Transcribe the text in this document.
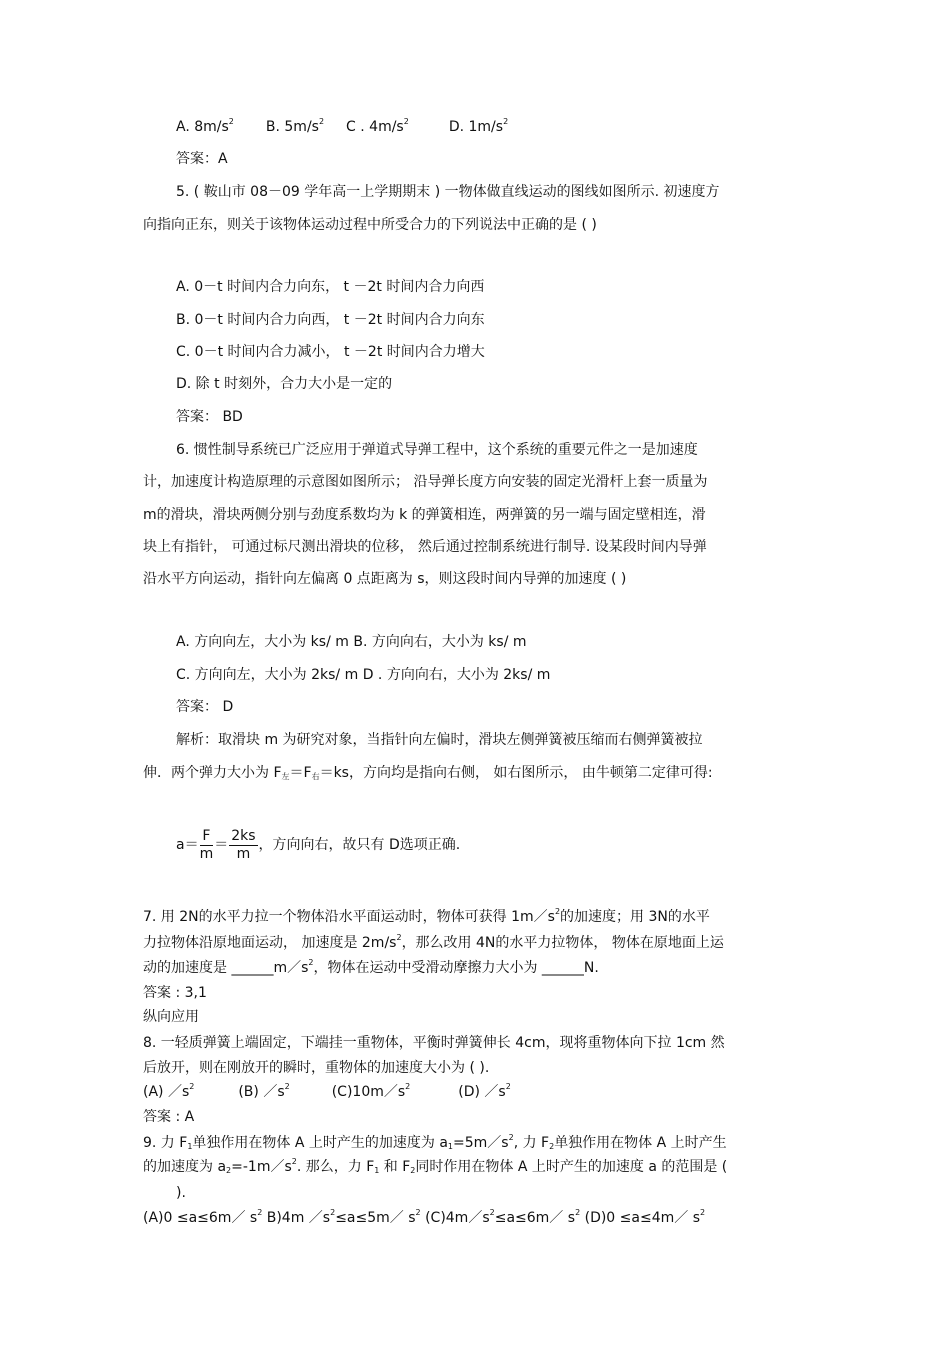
A. $8m/s^2$ B. $5m/s^2$ C . $4m/s^2$	D. $1m/s^2$
答案：A
5. ( 鞍山市 08－09 学年高一上学期期末 ) 一物体做直线运动的图线如图所示. 初速度方
向指向正东，则关于该物体运动过程中所受合力的下列说法中正确的是 ( )
A. 0－t 时间内合力向东， t －2t 时间内合力向西
B. 0－t 时间内合力向西， t －2t 时间内合力向东
C. 0－t 时间内合力减小， t －2t 时间内合力增大
D. 除 t 时刻外，合力大小是一定的
答案： BD
6. 惯性制导系统已广泛应用于弹道式导弹工程中，这个系统的重要元件之一是加速度
计，加速度计构造原理的示意图如图所示； 沿导弹长度方向安装的固定光滑杆上套一质量为
m的滑块，滑块两侧分别与劲度系数均为 k 的弹簧相连，两弹簧的另一端与固定壁相连，滑
块上有指针， 可通过标尺测出滑块的位移， 然后通过控制系统进行制导. 设某段时间内导弹
沿水平方向运动，指针向左偏离 0 点距离为 s，则这段时间内导弹的加速度 ( )
A. 方向向左，大小为 ks/ m B. 方向向右，大小为 ks/ m
C. 方向向左，大小为 2ks/ m D . 方向向右，大小为 2ks/ m
答案： D
解析：取滑块 m 为研究对象，当指针向左偏时，滑块左侧弹簧被压缩而右侧弹簧被拉
伸．两个弹力大小为 $F_左=F_右=ks$，方向均是指向右侧， 如右图所示， 由牛顿第二定律可得:
$a= \frac{F}{m} = \frac{2ks}{m}$ ，方向向右，故只有 D选项正确.
7. 用 2N的水平力拉一个物体沿水平面运动时，物体可获得 $1m/s^2$的加速度；用 3N的水平
力拉物体沿原地面运动， 加速度是 $2m/s^2$，那么改用 4N的水平力拉物体， 物体在原地面上运
动的加速度是 $\_\_\_\_\_\_m/s^2$，物体在运动中受滑动摩擦力大小为 ______N.
答案 : 3,1
纵向应用
8. 一轻质弹簧上端固定，下端挂一重物体，平衡时弹簧伸长 4cm，现将重物体向下拉 1cm 然
后放开，则在刚放开的瞬时，重物体的加速度大小为 ( ).
(A) $/s^2$	(B) $/s^2$	$(C)10m/s^2$	(D) $/s^2$
答案 : A
9. 力 $F_1$单独作用在物体 A 上时产生的加速度为 $a_1=5m/s^2$, 力 $F_2$单独作用在物体 A 上时产生
的加速度为 $a_2=-1m/s^2$. 那么，力 $F_1$ 和 $F_2$同时作用在物体 A 上时产生的加速度 a 的范围是 (
).
(A)0 ≤a≤6m／ $s^2$ B)4m $/s^2\le a\le 5m/$ $s^2$ $(C)4m/s^2\le a\le 6m/$ $s^2$ (D)0 ≤a≤4m／ $s^2$
